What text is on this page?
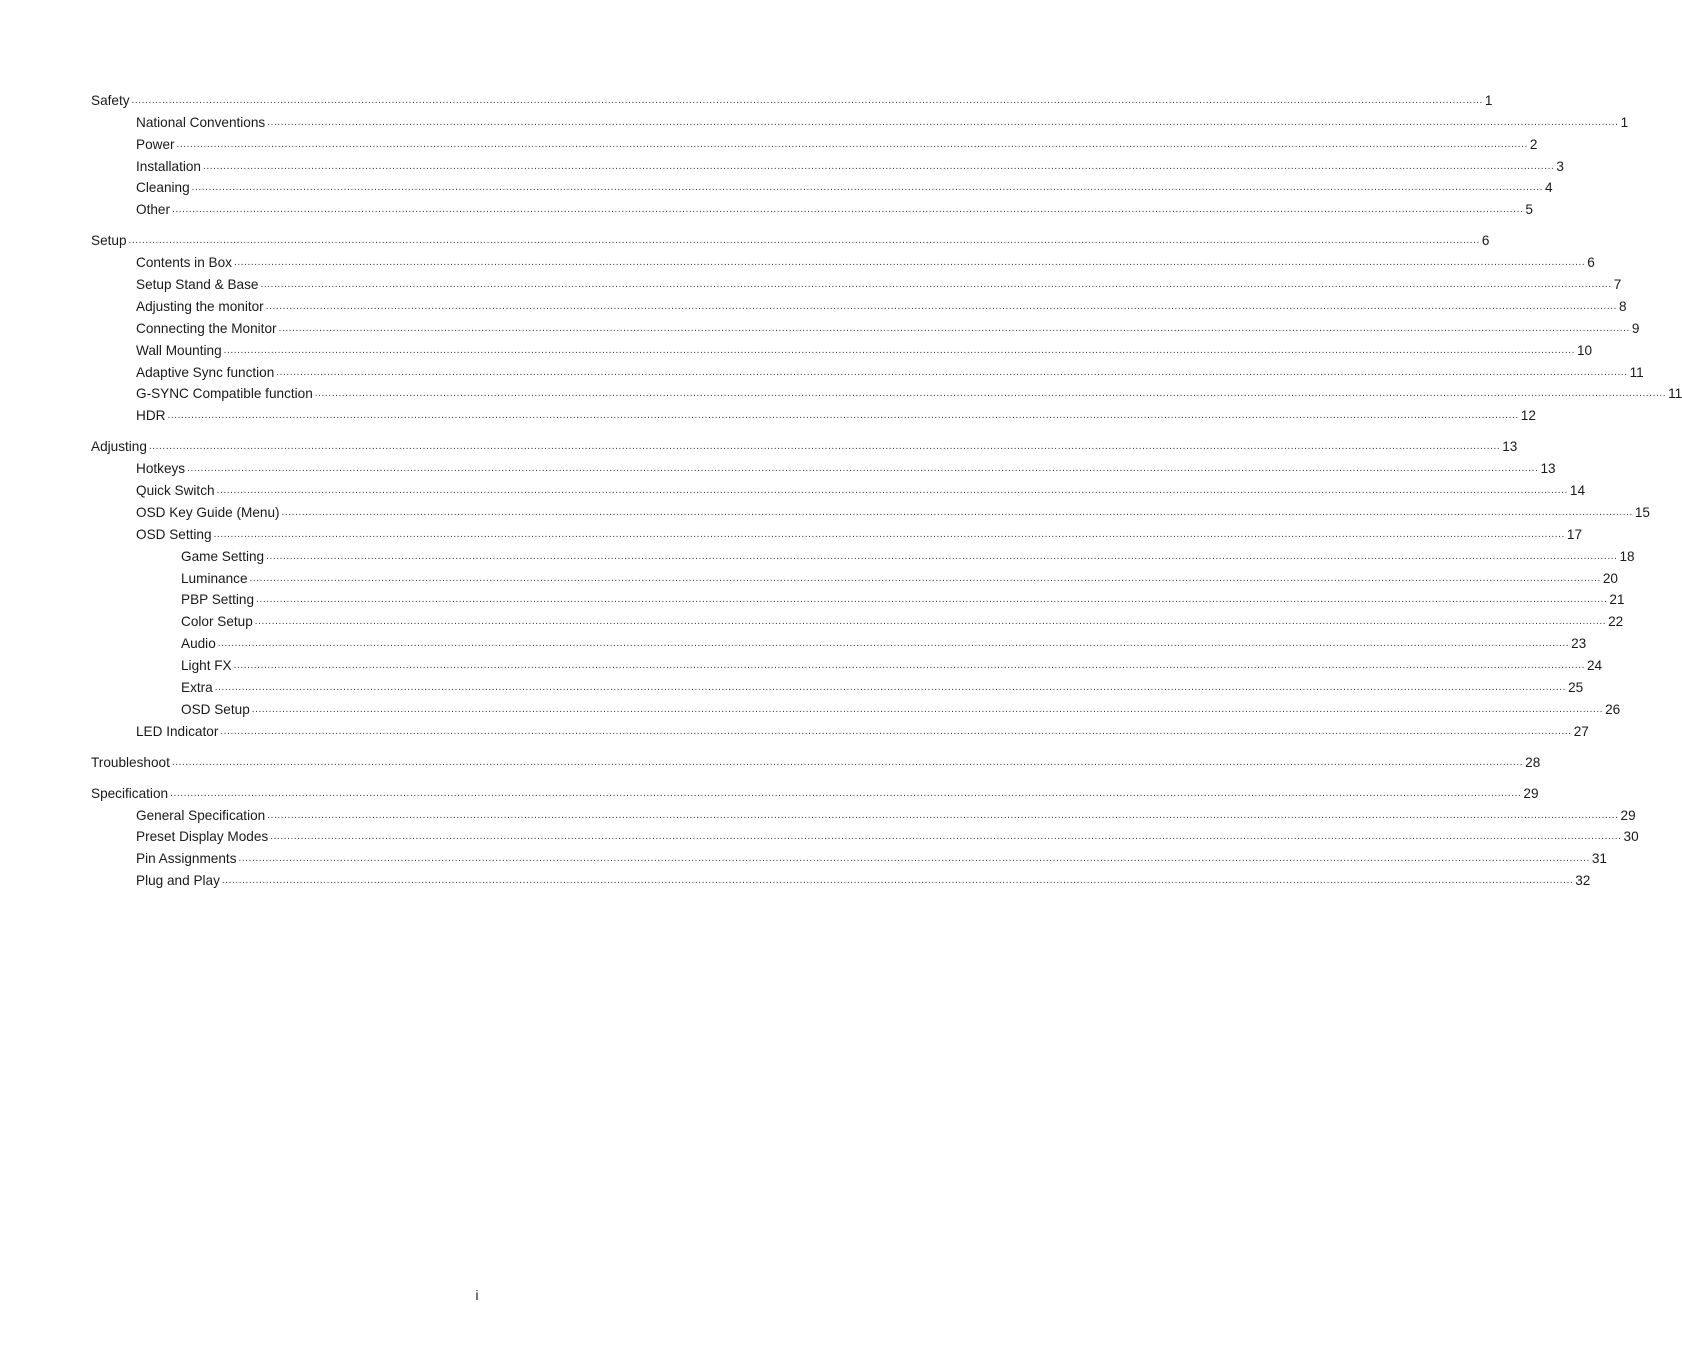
Safety ................................................................................................................................................................................................................................................................................................................................................................................................................ 1
National Conventions ................................................................................................................................................................................................................................................................................................................................................................................................................ 1
Power ................................................................................................................................................................................................................................................................................................................................................................................................................ 2
Installation ................................................................................................................................................................................................................................................................................................................................................................................................................ 3
Cleaning ................................................................................................................................................................................................................................................................................................................................................................................................................ 4
Other ................................................................................................................................................................................................................................................................................................................................................................................................................ 5
Setup ................................................................................................................................................................................................................................................................................................................................................................................................................ 6
Contents in Box ................................................................................................................................................................................................................................................................................................................................................................................................................ 6
Setup Stand & Base ................................................................................................................................................................................................................................................................................................................................................................................................................ 7
Adjusting the monitor ................................................................................................................................................................................................................................................................................................................................................................................................................ 8
Connecting the Monitor ................................................................................................................................................................................................................................................................................................................................................................................................................ 9
Wall Mounting ................................................................................................................................................................................................................................................................................................................................................................................................................ 10
Adaptive Sync function ................................................................................................................................................................................................................................................................................................................................................................................................................ 11
G-SYNC Compatible function ................................................................................................................................................................................................................................................................................................................................................................................................................ 11
HDR ................................................................................................................................................................................................................................................................................................................................................................................................................ 12
Adjusting ................................................................................................................................................................................................................................................................................................................................................................................................................ 13
Hotkeys ................................................................................................................................................................................................................................................................................................................................................................................................................ 13
Quick Switch ................................................................................................................................................................................................................................................................................................................................................................................................................ 14
OSD Key Guide (Menu) ................................................................................................................................................................................................................................................................................................................................................................................................................ 15
OSD Setting ................................................................................................................................................................................................................................................................................................................................................................................................................ 17
Game Setting ................................................................................................................................................................................................................................................................................................................................................................................................................ 18
Luminance ................................................................................................................................................................................................................................................................................................................................................................................................................ 20
PBP Setting ................................................................................................................................................................................................................................................................................................................................................................................................................ 21
Color Setup ................................................................................................................................................................................................................................................................................................................................................................................................................ 22
Audio ................................................................................................................................................................................................................................................................................................................................................................................................................ 23
Light FX ................................................................................................................................................................................................................................................................................................................................................................................................................ 24
Extra ................................................................................................................................................................................................................................................................................................................................................................................................................ 25
OSD Setup ................................................................................................................................................................................................................................................................................................................................................................................................................ 26
LED Indicator ................................................................................................................................................................................................................................................................................................................................................................................................................ 27
Troubleshoot ................................................................................................................................................................................................................................................................................................................................................................................................................ 28
Specification ................................................................................................................................................................................................................................................................................................................................................................................................................ 29
General Specification ................................................................................................................................................................................................................................................................................................................................................................................................................ 29
Preset Display Modes ................................................................................................................................................................................................................................................................................................................................................................................................................ 30
Pin Assignments ................................................................................................................................................................................................................................................................................................................................................................................................................ 31
Plug and Play ................................................................................................................................................................................................................................................................................................................................................................................................................ 32
i
